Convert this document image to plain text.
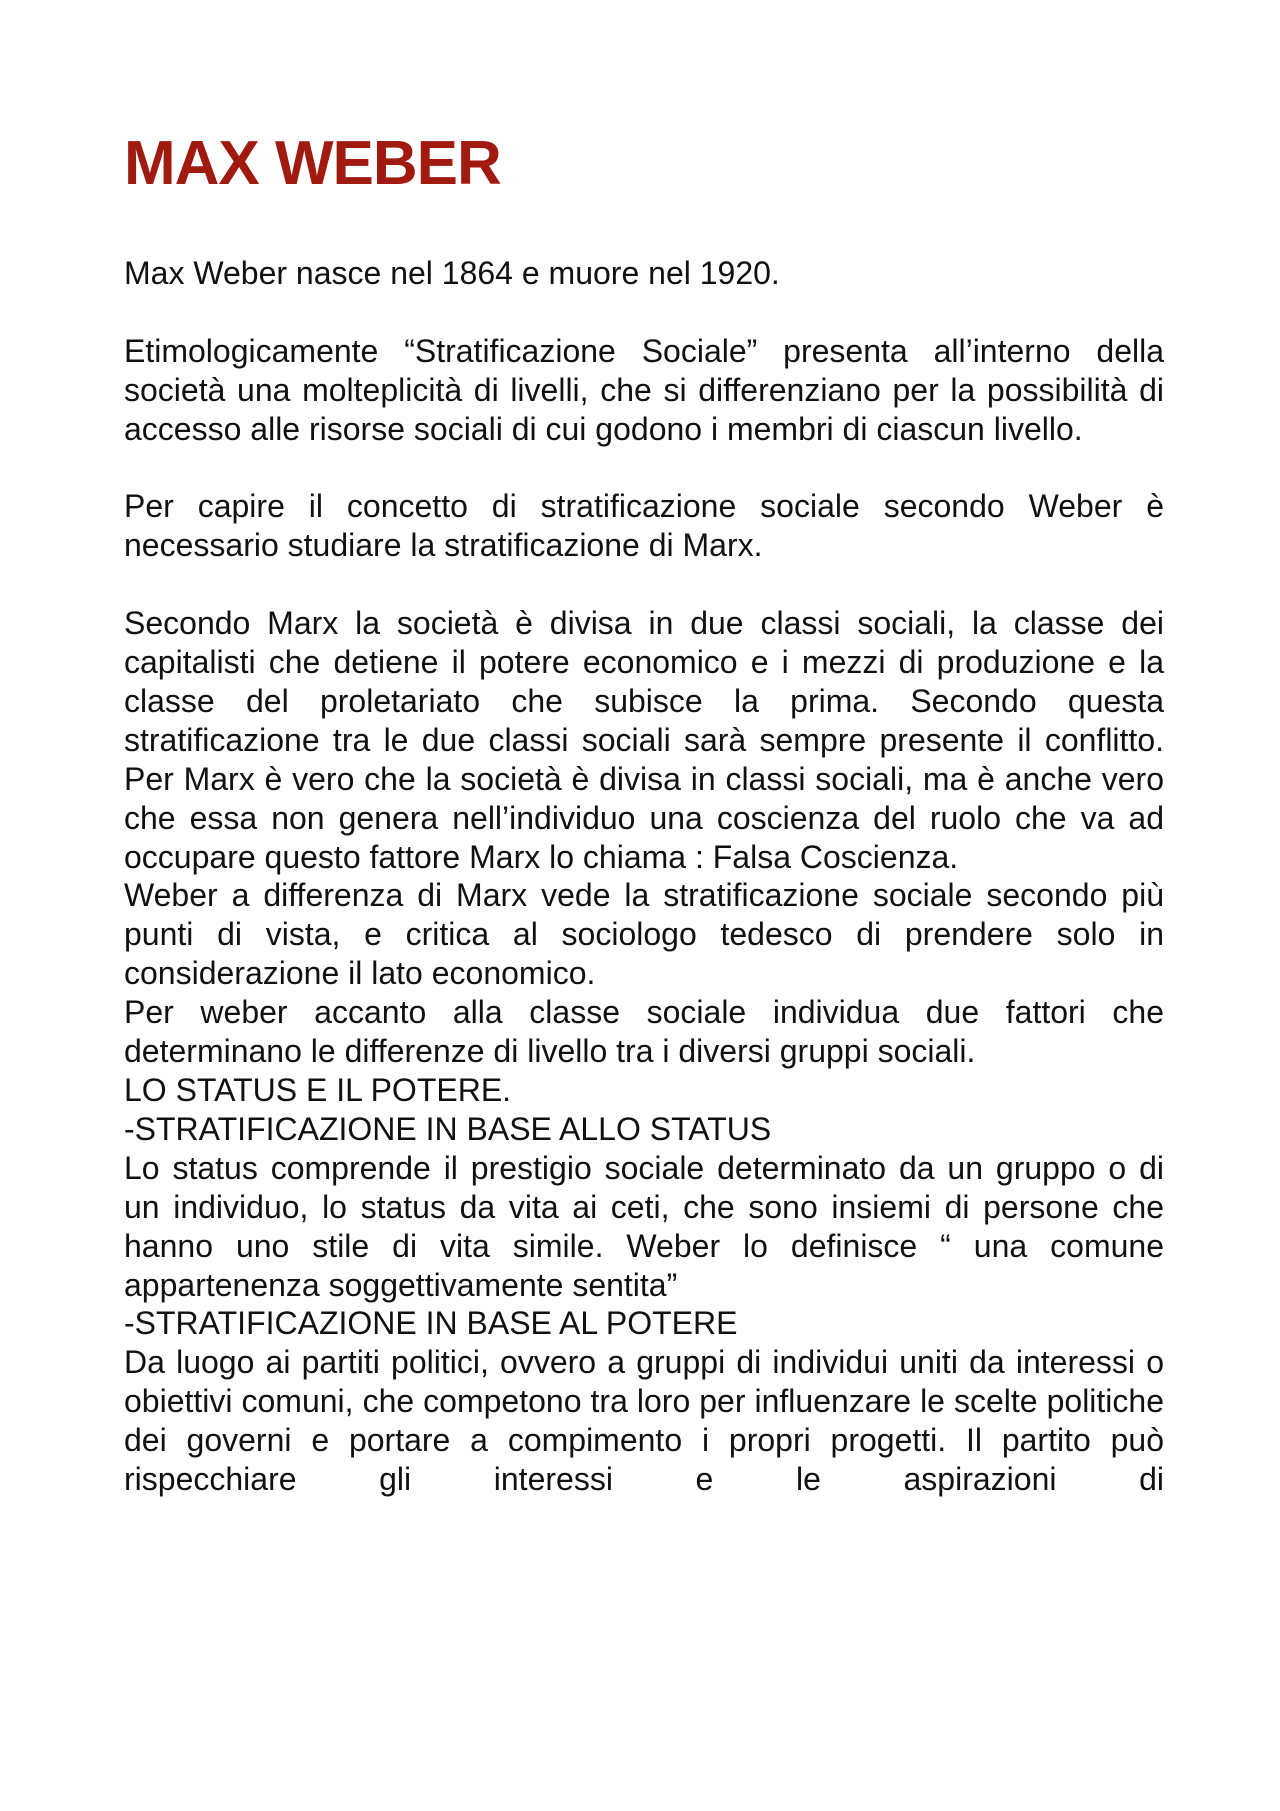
MAX WEBER

Max Weber nasce nel 1864 e muore nel 1920.

Etimologicamente “Stratificazione Sociale” presenta all’interno della società una molteplicità di livelli, che si differenziano per la possibilità di accesso alle risorse sociali di cui godono i membri di ciascun livello.

Per capire il concetto di stratificazione sociale secondo Weber è necessario studiare la stratificazione di Marx.

Secondo Marx la società è divisa in due classi sociali, la classe dei capitalisti che detiene il potere economico e i mezzi di produzione e la classe del proletariato che subisce la prima. Secondo questa stratificazione tra le due classi sociali sarà sempre presente il conflitto. Per Marx è vero che la società è divisa in classi sociali, ma è anche vero che essa non genera nell’individuo una coscienza del ruolo che va ad occupare questo fattore Marx lo chiama : Falsa Coscienza.

Weber a differenza di Marx vede la stratificazione sociale secondo più punti di vista, e critica al sociologo tedesco di prendere solo in considerazione il lato economico.

Per weber accanto alla classe sociale individua due fattori che determinano le differenze di livello tra i diversi gruppi sociali.

LO STATUS E IL POTERE.

-STRATIFICAZIONE IN BASE ALLO STATUS

Lo status comprende il prestigio sociale determinato da un gruppo o di un individuo, lo status da vita ai ceti, che sono insiemi di persone che hanno uno stile di vita simile. Weber lo definisce “ una comune appartenenza soggettivamente sentita”

-STRATIFICAZIONE IN BASE AL POTERE

Da luogo ai partiti politici, ovvero a gruppi di individui uniti da interessi o obiettivi comuni, che competono tra loro per influenzare le scelte politiche dei governi e portare a compimento i propri progetti. Il partito può rispecchiare gli interessi e le aspirazioni di
